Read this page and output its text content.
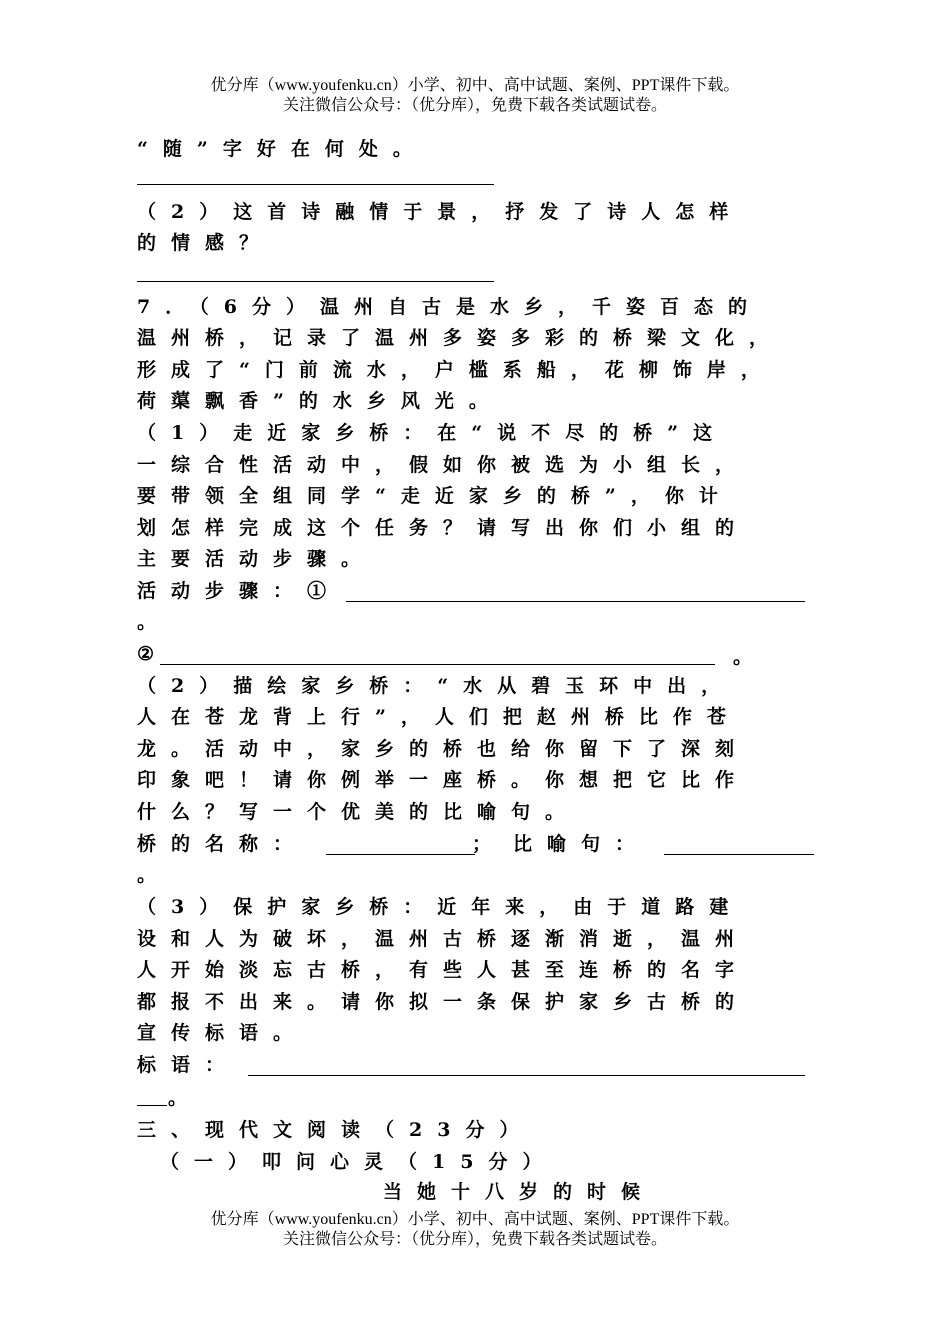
优分库（www.youfenku.cn）小学、初中、高中试题、案例、PPT课件下载。
关注微信公众号：（优分库），免费下载各类试题试卷。
“随”字好在何处。
（2）这首诗融情于景，抒发了诗人怎样
的情感？
7．（6分）温州自古是水乡，千姿百态的
温州桥，记录了温州多姿多彩的桥梁文化，
形成了“门前流水，户槛系船，花柳饰岸，
荷蕖飘香”的水乡风光。
（1）走近家乡桥：在“说不尽的桥”这
一综合性活动中，假如你被选为小组长，
要带领全组同学“走近家乡的桥”，你计
划怎样完成这个任务？请写出你们小组的
主要活动步骤。
活动步骤：①
。
②	。
（2）描绘家乡桥：“水从碧玉环中出，
人在苍龙背上行”，人们把赵州桥比作苍
龙。活动中，家乡的桥也给你留下了深刻
印象吧！请你例举一座桥。你想把它比作
什么？写一个优美的比喻句。
桥的名称：	； 比喻句：
。
（3）保护家乡桥：近年来，由于道路建
设和人为破坏，温州古桥逐渐消逝，温州
人开始淡忘古桥，有些人甚至连桥的名字
都报不出来。请你拟一条保护家乡古桥的
宣传标语。
标语：
。
三、现代文阅读（23分）
（一）叩问心灵（15分）
当她十八岁的时候
优分库（www.youfenku.cn）小学、初中、高中试题、案例、PPT课件下载。
关注微信公众号：（优分库），免费下载各类试题试卷。
